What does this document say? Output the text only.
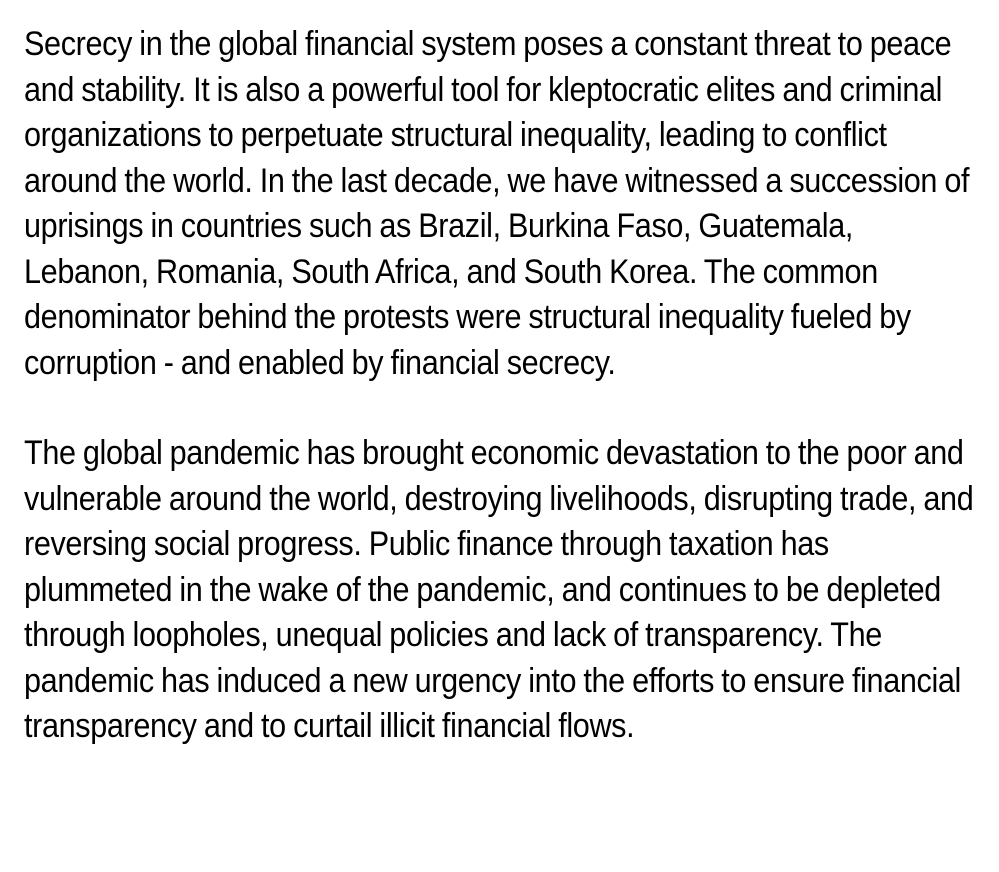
Secrecy in the global financial system poses a constant threat to peace and stability. It is also a powerful tool for kleptocratic elites and criminal organizations to perpetuate structural inequality, leading to conflict around the world. In the last decade, we have witnessed a succession of uprisings in countries such as Brazil, Burkina Faso, Guatemala, Lebanon, Romania, South Africa, and South Korea. The common denominator behind the protests were structural inequality fueled by corruption - and enabled by financial secrecy.

The global pandemic has brought economic devastation to the poor and vulnerable around the world, destroying livelihoods, disrupting trade, and reversing social progress. Public finance through taxation has plummeted in the wake of the pandemic, and continues to be depleted through loopholes, unequal policies and lack of transparency. The pandemic has induced a new urgency into the efforts to ensure financial transparency and to curtail illicit financial flows.
